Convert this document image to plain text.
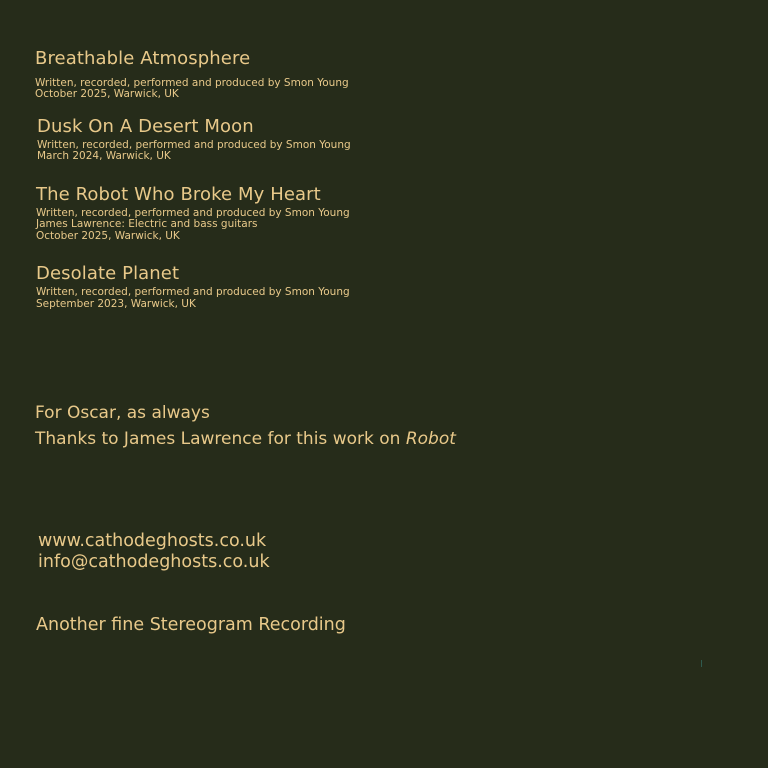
Breathable Atmosphere
Written, recorded, performed and produced by Smon Young
October 2025, Warwick, UK
Dusk On A Desert Moon
Written, recorded, performed and produced by Smon Young
March 2024, Warwick, UK
The Robot Who Broke My Heart
Written, recorded, performed and produced by Smon Young
James Lawrence: Electric and bass guitars
October 2025, Warwick, UK
Desolate Planet
Written, recorded, performed and produced by Smon Young
September 2023, Warwick, UK
For Oscar, as always
Thanks to James Lawrence for this work on Robot
www.cathodeghosts.co.uk
info@cathodeghosts.co.uk
Another fine Stereogram Recording
